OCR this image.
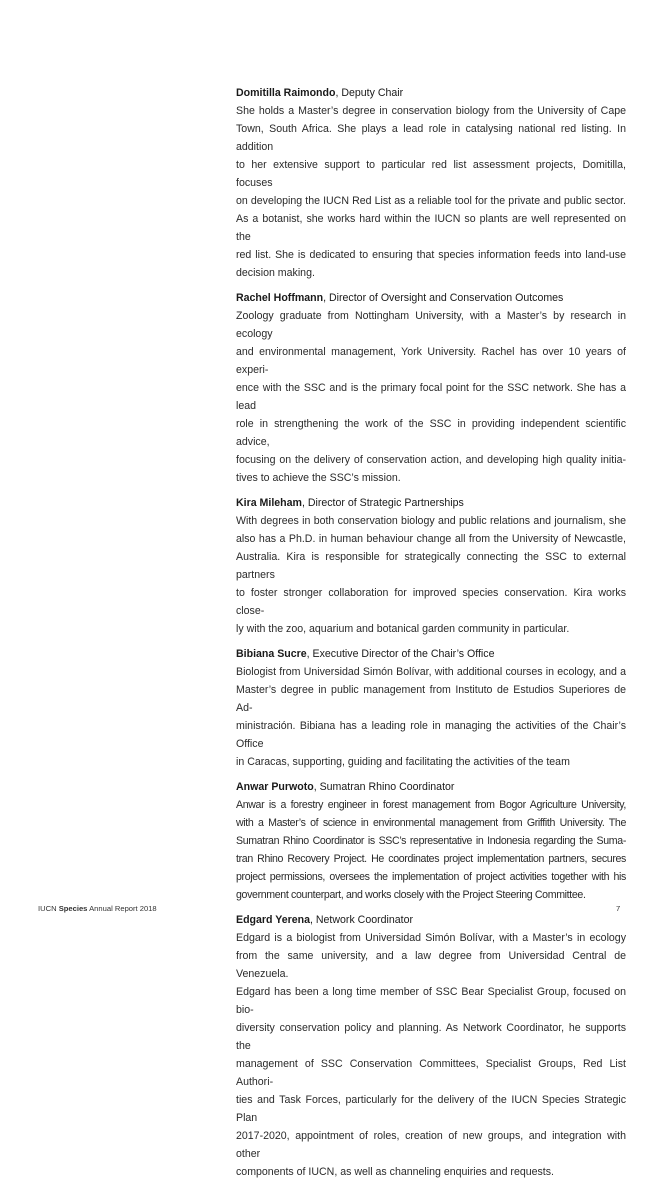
Domitilla Raimondo, Deputy Chair
She holds a Master’s degree in conservation biology from the University of Cape
Town, South Africa. She plays a lead role in catalysing national red listing. In addition
to her extensive support to particular red list assessment projects, Domitilla, focuses
on developing the IUCN Red List as a reliable tool for the private and public sector.
As a botanist, she works hard within the IUCN so plants are well represented on the
red list. She is dedicated to ensuring that species information feeds into land-use
decision making.
Rachel Hoffmann, Director of Oversight and Conservation Outcomes
Zoology graduate from Nottingham University, with a Master’s by research in ecology
and environmental management, York University. Rachel has over 10 years of experi-
ence with the SSC and is the primary focal point for the SSC network. She has a lead
role in strengthening the work of the SSC in providing independent scientific advice,
focusing on the delivery of conservation action, and developing high quality initia-
tives to achieve the SSC’s mission.
Kira Mileham, Director of Strategic Partnerships
With degrees in both conservation biology and public relations and journalism, she
also has a Ph.D. in human behaviour change all from the University of Newcastle,
Australia. Kira is responsible for strategically connecting the SSC to external partners
to foster stronger collaboration for improved species conservation. Kira works close-
ly with the zoo, aquarium and botanical garden community in particular.
Bibiana Sucre, Executive Director of the Chair’s Office
Biologist from Universidad Simón Bolívar, with additional courses in ecology, and a
Master’s degree in public management from Instituto de Estudios Superiores de Ad-
ministración. Bibiana has a leading role in managing the activities of the Chair’s Office
in Caracas, supporting, guiding and facilitating the activities of the team
Anwar Purwoto, Sumatran Rhino Coordinator
Anwar is a forestry engineer in forest management from Bogor Agriculture University,
with a Master’s of science in environmental management from Griffith University. The
Sumatran Rhino Coordinator is SSC’s representative in Indonesia regarding the Suma-
tran Rhino Recovery Project. He coordinates project implementation partners, secures
project permissions, oversees the implementation of project activities together with his
government counterpart, and works closely with the Project Steering Committee.
Edgard Yerena, Network Coordinator
Edgard is a biologist from Universidad Simón Bolívar, with a Master’s in ecology
from the same university, and a law degree from Universidad Central de Venezuela.
Edgard has been a long time member of SSC Bear Specialist Group, focused on bio-
diversity conservation policy and planning. As Network Coordinator, he supports the
management of SSC Conservation Committees, Specialist Groups, Red List Authori-
ties and Task Forces, particularly for the delivery of the IUCN Species Strategic Plan
2017-2020, appointment of roles, creation of new groups, and integration with other
components of IUCN, as well as channeling enquiries and requests.
IUCN Species Annual Report 2018	7
